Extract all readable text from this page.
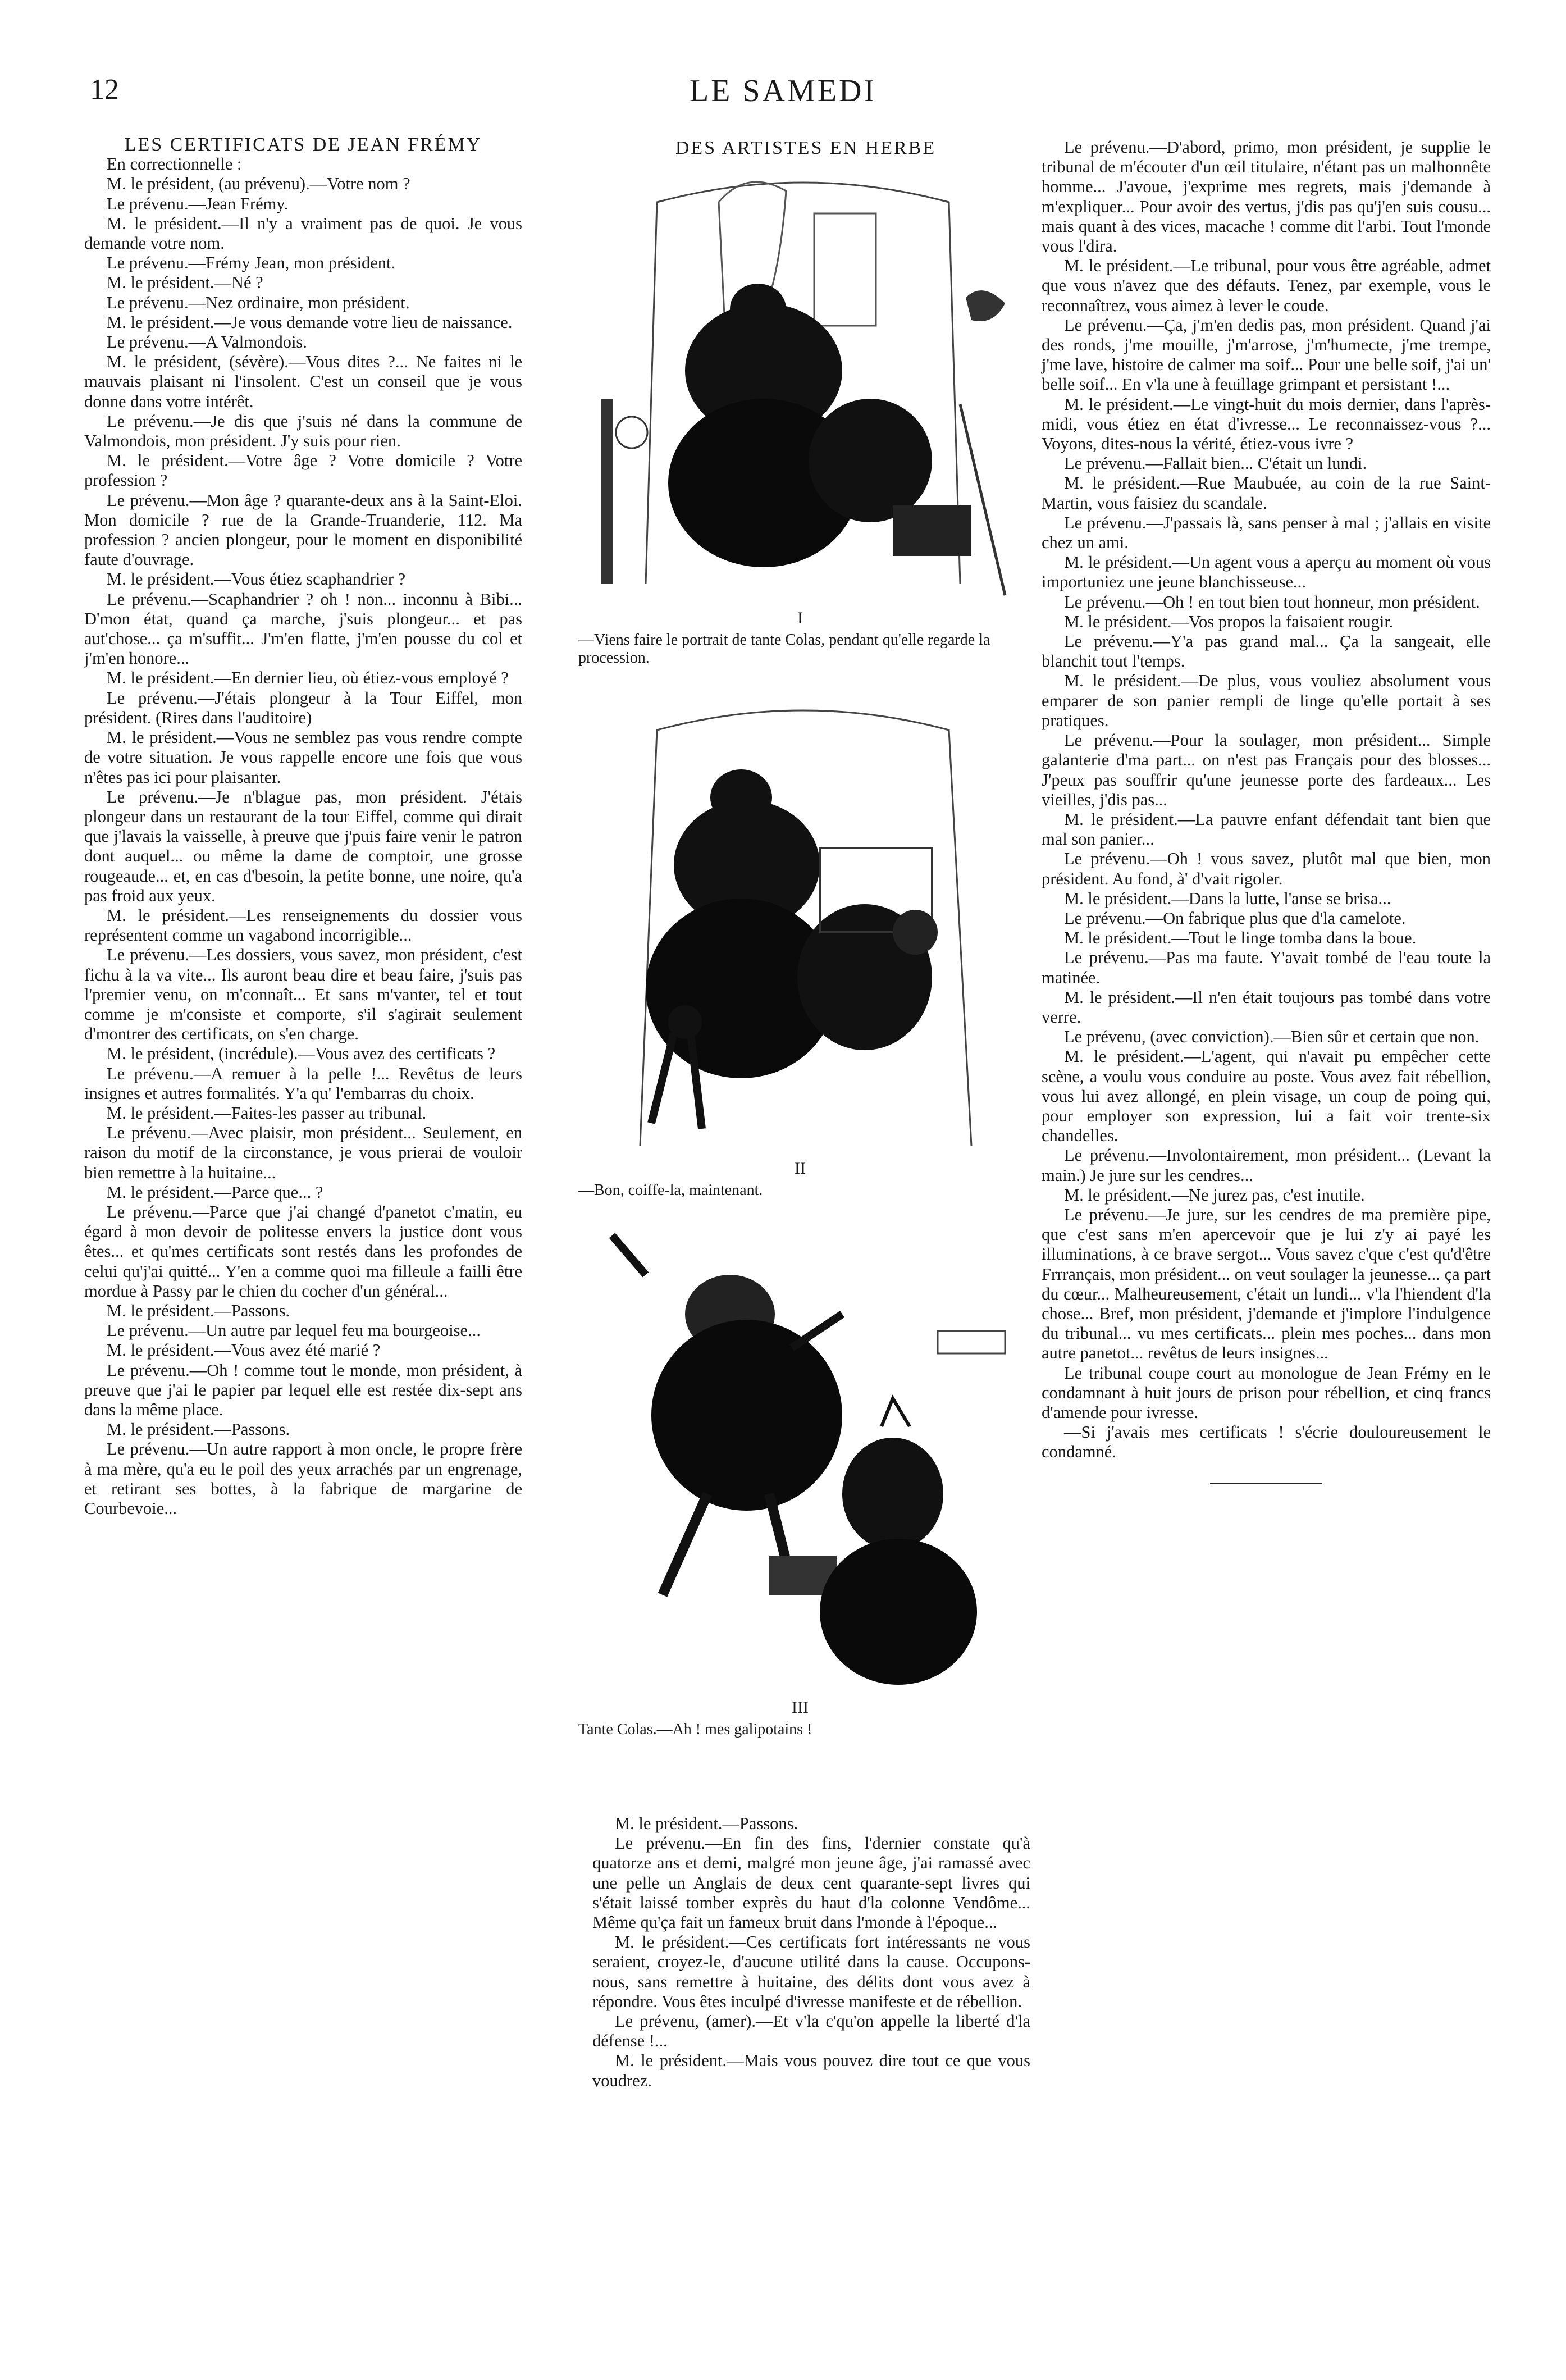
12	LE SAMEDI

LES CERTIFICATS DE JEAN FRÉMY

En correctionnelle :

M. le président, (au prévenu).—Votre nom ?

Le prévenu.—Jean Frémy.

M. le président.—Il n'y a vraiment pas de quoi. Je vous demande votre nom.

Le prévenu.—Frémy Jean, mon président.

M. le président.—Né ?

Le prévenu.—Nez ordinaire, mon président.

M. le président.—Je vous demande votre lieu de naissance.

Le prévenu.—A Valmondois.

M. le président, (sévère).—Vous dites ?... Ne faites ni le mauvais plaisant ni l'insolent. C'est un conseil que je vous donne dans votre intérêt.

Le prévenu.—Je dis que j'suis né dans la commune de Valmondois, mon président. J'y suis pour rien.

M. le président.—Votre âge ? Votre domicile ? Votre profession ?

Le prévenu.—Mon âge ? quarante-deux ans à la Saint-Eloi. Mon domicile ? rue de la Grande-Truanderie, 112. Ma profession ? ancien plongeur, pour le moment en disponibilité faute d'ouvrage.

M. le président.—Vous étiez scaphandrier ?

Le prévenu.—Scaphandrier ? oh ! non... inconnu à Bibi... D'mon état, quand ça marche, j'suis plongeur... et pas aut'chose... ça m'suffit... J'm'en flatte, j'm'en pousse du col et j'm'en honore...

M. le président.—En dernier lieu, où étiez-vous employé ?

Le prévenu.—J'étais plongeur à la Tour Eiffel, mon président. (Rires dans l'auditoire)

M. le président.—Vous ne semblez pas vous rendre compte de votre situation. Je vous rappelle encore une fois que vous n'êtes pas ici pour plaisanter.

Le prévenu.—Je n'blague pas, mon président. J'étais plongeur dans un restaurant de la tour Eiffel, comme qui dirait que j'lavais la vaisselle, à preuve que j'puis faire venir le patron dont auquel... ou même la dame de comptoir, une grosse rougeaude... et, en cas d'besoin, la petite bonne, une noire, qu'a pas froid aux yeux.

M. le président.—Les renseignements du dossier vous représentent comme un vagabond incorrigible...

Le prévenu.—Les dossiers, vous savez, mon président, c'est fichu à la va vite... Ils auront beau dire et beau faire, j'suis pas l'premier venu, on m'connaît... Et sans m'vanter, tel et tout comme je m'consiste et comporte, s'il s'agirait seulement d'montrer des certificats, on s'en charge.

M. le président, (incrédule).—Vous avez des certificats ?

Le prévenu.—A remuer à la pelle !... Revêtus de leurs insignes et autres formalités. Y'a qu' l'embarras du choix.

M. le président.—Faites-les passer au tribunal.

Le prévenu.—Avec plaisir, mon président... Seulement, en raison du motif de la circonstance, je vous prierai de vouloir bien remettre à la huitaine...

M. le président.—Parce que... ?

Le prévenu.—Parce que j'ai changé d'panetot c'matin, eu égard à mon devoir de politesse envers la justice dont vous êtes... et qu'mes certificats sont restés dans les profondes de celui qu'j'ai quitté... Y'en a comme quoi ma filleule a failli être mordue à Passy par le chien du cocher d'un général...

M. le président.—Passons.

Le prévenu.—Un autre par lequel feu ma bourgeoise...

M. le président.—Vous avez été marié ?

Le prévenu.—Oh ! comme tout le monde, mon président, à preuve que j'ai le papier par lequel elle est restée dix-sept ans dans la même place.

M. le président.—Passons.

Le prévenu.—Un autre rapport à mon oncle, le propre frère à ma mère, qu'a eu le poil des yeux arrachés par un engrenage, et retirant ses bottes, à la fabrique de margarine de Courbevoie...

DES ARTISTES EN HERBE
I
—Viens faire le portrait de tante Colas, pendant qu'elle regarde la procession.
II
—Bon, coiffe-la, maintenant.
III
Tante Colas.—Ah ! mes galipotains !

M. le président.—Passons.

Le prévenu.—En fin des fins, l'dernier constate qu'à quatorze ans et demi, malgré mon jeune âge, j'ai ramassé avec une pelle un Anglais de deux cent quarante-sept livres qui s'était laissé tomber exprès du haut d'la colonne Vendôme... Même qu'ça fait un fameux bruit dans l'monde à l'époque...

M. le président.—Ces certificats fort intéressants ne vous seraient, croyez-le, d'aucune utilité dans la cause. Occupons-nous, sans remettre à huitaine, des délits dont vous avez à répondre. Vous êtes inculpé d'ivresse manifeste et de rébellion.

Le prévenu, (amer).—Et v'la c'qu'on appelle la liberté d'la défense !...

M. le président.—Mais vous pouvez dire tout ce que vous voudrez.

Le prévenu.—D'abord, primo, mon président, je supplie le tribunal de m'écouter d'un œil titulaire, n'étant pas un malhonnête homme... J'avoue, j'exprime mes regrets, mais j'demande à m'expliquer... Pour avoir des vertus, j'dis pas qu'j'en suis cousu... mais quant à des vices, macache ! comme dit l'arbi. Tout l'monde vous l'dira.

M. le président.—Le tribunal, pour vous être agréable, admet que vous n'avez que des défauts. Tenez, par exemple, vous le reconnaîtrez, vous aimez à lever le coude.

Le prévenu.—Ça, j'm'en dedis pas, mon président. Quand j'ai des ronds, j'me mouille, j'm'arrose, j'm'humecte, j'me trempe, j'me lave, histoire de calmer ma soif... Pour une belle soif, j'ai un' belle soif... En v'la une à feuillage grimpant et persistant !...

M. le président.—Le vingt-huit du mois dernier, dans l'après-midi, vous étiez en état d'ivresse... Le reconnaissez-vous ?... Voyons, dites-nous la vérité, étiez-vous ivre ?

Le prévenu.—Fallait bien... C'était un lundi.

M. le président.—Rue Maubuée, au coin de la rue Saint-Martin, vous faisiez du scandale.

Le prévenu.—J'passais là, sans penser à mal ; j'allais en visite chez un ami.

M. le président.—Un agent vous a aperçu au moment où vous importuniez une jeune blanchisseuse...

Le prévenu.—Oh ! en tout bien tout honneur, mon président.

M. le président.—Vos propos la faisaient rougir.

Le prévenu.—Y'a pas grand mal... Ça la sangeait, elle blanchit tout l'temps.

M. le président.—De plus, vous vouliez absolument vous emparer de son panier rempli de linge qu'elle portait à ses pratiques.

Le prévenu.—Pour la soulager, mon président... Simple galanterie d'ma part... on n'est pas Français pour des blosses... J'peux pas souffrir qu'une jeunesse porte des fardeaux... Les vieilles, j'dis pas...

M. le président.—La pauvre enfant défendait tant bien que mal son panier...

Le prévenu.—Oh ! vous savez, plutôt mal que bien, mon président. Au fond, à' d'vait rigoler.

M. le président.—Dans la lutte, l'anse se brisa...

Le prévenu.—On fabrique plus que d'la camelote.

M. le président.—Tout le linge tomba dans la boue.

Le prévenu.—Pas ma faute. Y'avait tombé de l'eau toute la matinée.

M. le président.—Il n'en était toujours pas tombé dans votre verre.

Le prévenu, (avec conviction).—Bien sûr et certain que non.

M. le président.—L'agent, qui n'avait pu empêcher cette scène, a voulu vous conduire au poste. Vous avez fait rébellion, vous lui avez allongé, en plein visage, un coup de poing qui, pour employer son expression, lui a fait voir trente-six chandelles.

Le prévenu.—Involontairement, mon président... (Levant la main.) Je jure sur les cendres...

M. le président.—Ne jurez pas, c'est inutile.

Le prévenu.—Je jure, sur les cendres de ma première pipe, que c'est sans m'en apercevoir que je lui z'y ai payé les illuminations, à ce brave sergot... Vous savez c'que c'est qu'd'être Frrrançais, mon président... on veut soulager la jeunesse... ça part du cœur... Malheureusement, c'était un lundi... v'la l'hiendent d'la chose... Bref, mon président, j'demande et j'implore l'indulgence du tribunal... vu mes certificats... plein mes poches... dans mon autre panetot... revêtus de leurs insignes...

Le tribunal coupe court au monologue de Jean Frémy en le condamnant à huit jours de prison pour rébellion, et cinq francs d'amende pour ivresse.

—Si j'avais mes certificats ! s'écrie douloureusement le condamné.
